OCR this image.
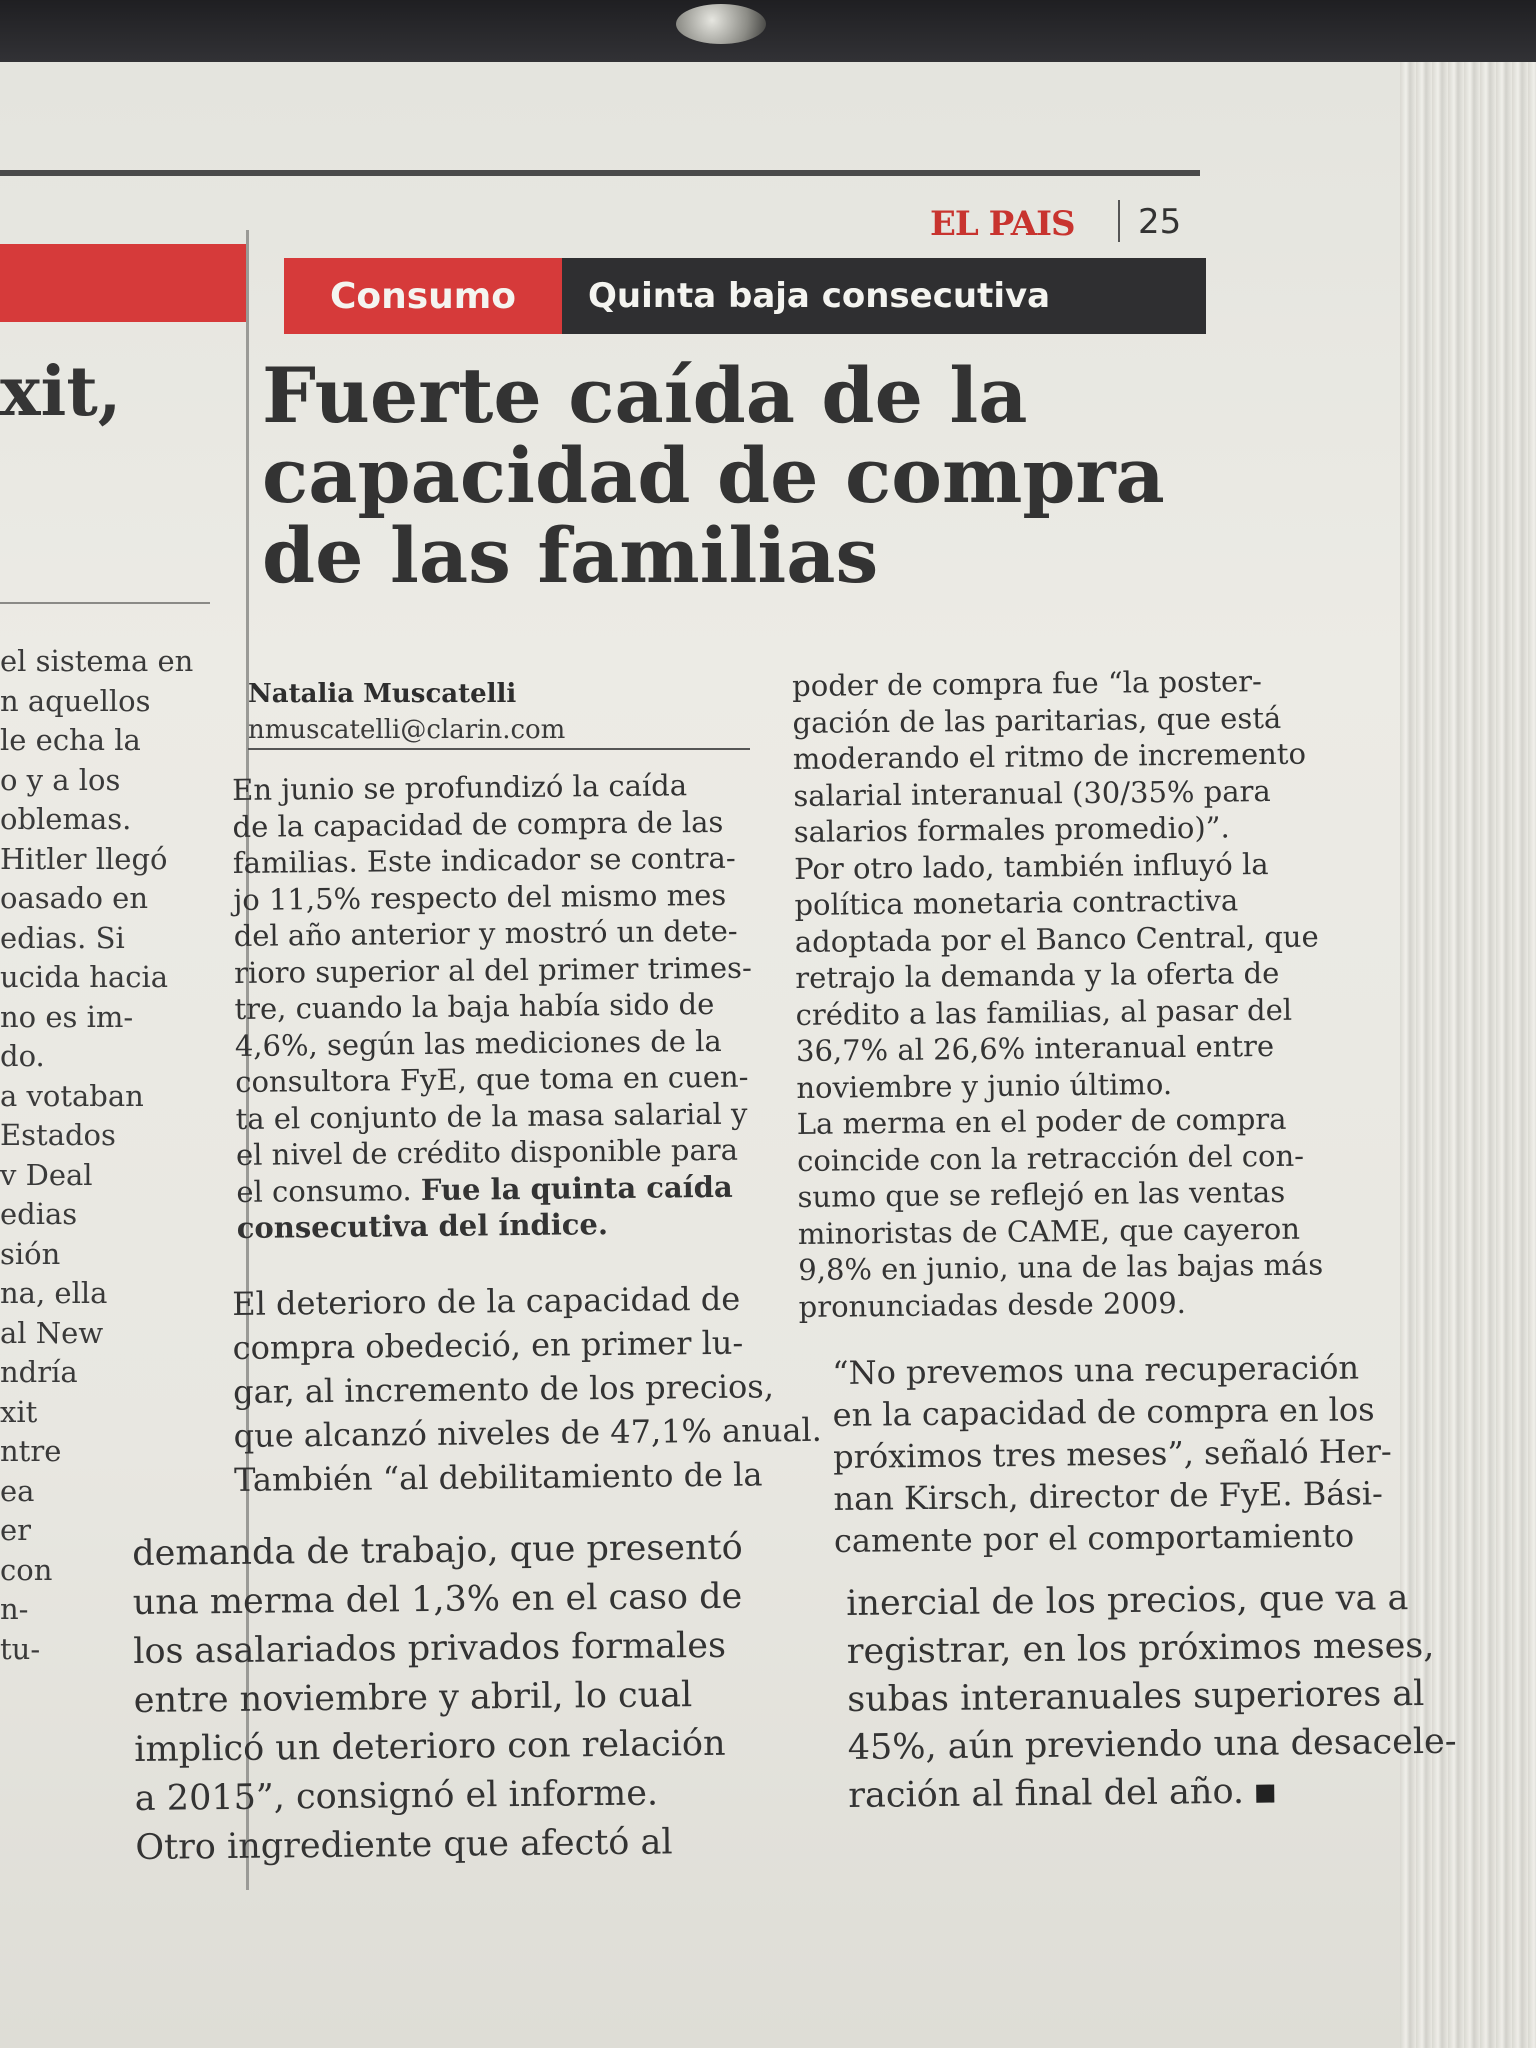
xit,

el sistema en

n aquellos

le echa la

o y a los

oblemas.

Hitler llegó

oasado en

edias. Si

ucida hacia

no es im-

do.

a votaban

Estados

v Deal

edias

sión

na, ella

al New

ndría

xit

ntre

ea

er

con

n-

tu-

EL PAIS 25
Consumo	Quinta baja consecutiva
Fuerte caída de la
capacidad de compra
de las familias

Natalia Muscatelli

nmuscatelli@clarin.com

En junio se profundizó la caída

de la capacidad de compra de las

familias. Este indicador se contra-

jo 11,5% respecto del mismo mes

del año anterior y mostró un dete-

rioro superior al del primer trimes-

tre, cuando la baja había sido de

4,6%, según las mediciones de la

consultora FyE, que toma en cuen-

ta el conjunto de la masa salarial y

el nivel de crédito disponible para

el consumo. Fue la quinta caída

consecutiva del índice.

El deterioro de la capacidad de

compra obedeció, en primer lu-

gar, al incremento de los precios,

que alcanzó niveles de 47,1% anual.

También “al debilitamiento de la

demanda de trabajo, que presentó

una merma del 1,3% en el caso de

los asalariados privados formales

entre noviembre y abril, lo cual

implicó un deterioro con relación

a 2015”, consignó el informe.

Otro ingrediente que afectó al

poder de compra fue “la poster-

gación de las paritarias, que está

moderando el ritmo de incremento

salarial interanual (30/35% para

salarios formales promedio)”.

Por otro lado, también influyó la

política monetaria contractiva

adoptada por el Banco Central, que

retrajo la demanda y la oferta de

crédito a las familias, al pasar del

36,7% al 26,6% interanual entre

noviembre y junio último.

La merma en el poder de compra

coincide con la retracción del con-

sumo que se reflejó en las ventas

minoristas de CAME, que cayeron

9,8% en junio, una de las bajas más

pronunciadas desde 2009.

“No prevemos una recuperación

en la capacidad de compra en los

próximos tres meses”, señaló Her-

nan Kirsch, director de FyE. Bási-

camente por el comportamiento

inercial de los precios, que va a

registrar, en los próximos meses,

subas interanuales superiores al

45%, aún previendo una desacele-

ración al final del año.
